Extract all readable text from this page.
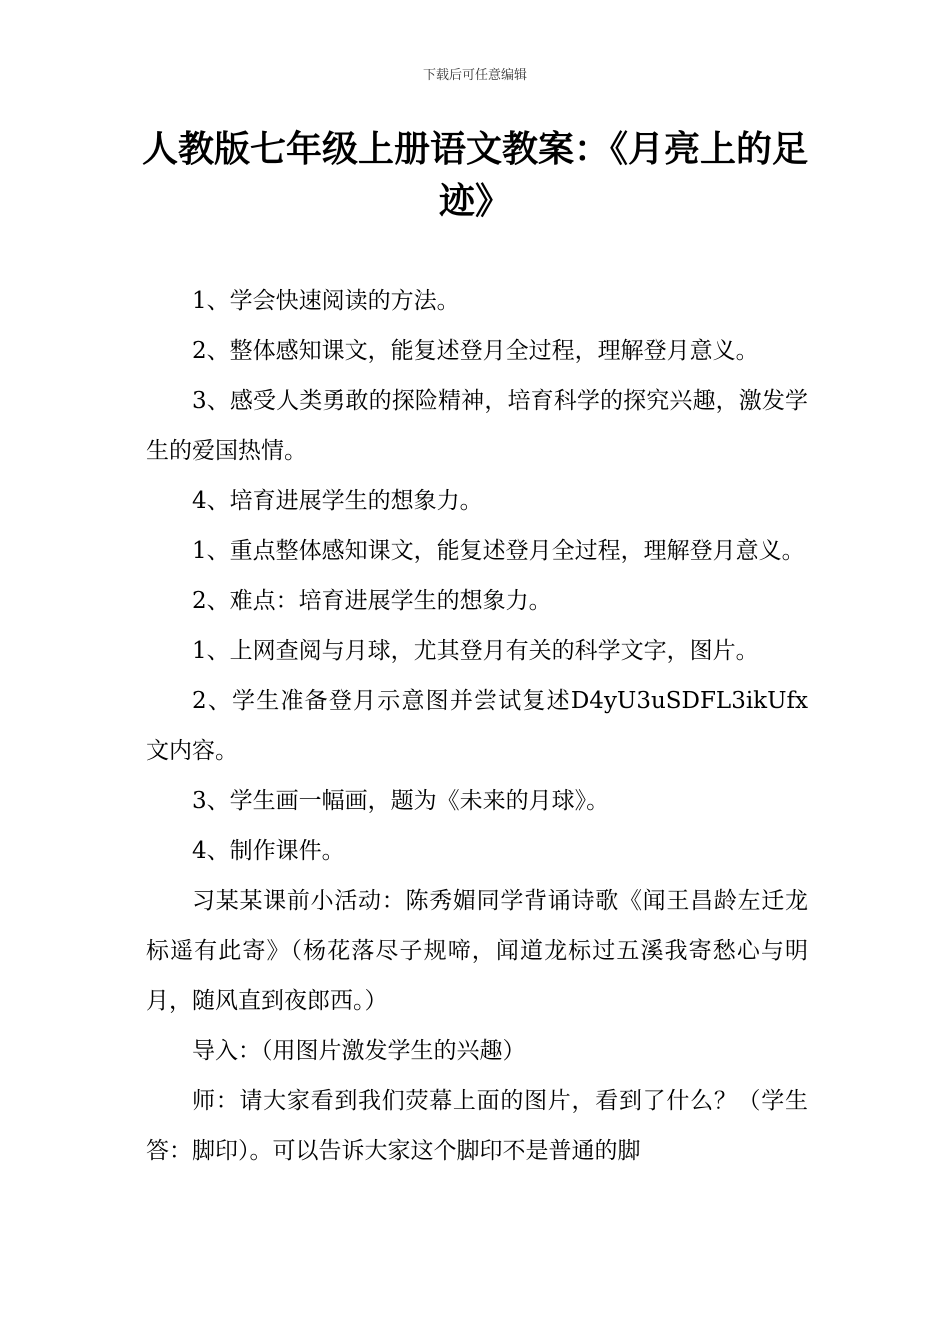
下载后可任意编辑
人教版七年级上册语文教案：《月亮上的足迹》

1、学会快速阅读的方法。

2、整体感知课文，能复述登月全过程，理解登月意义。

3、感受人类勇敢的探险精神，培育科学的探究兴趣，激发学生的爱国热情。

4、培育进展学生的想象力。

1、重点整体感知课文，能复述登月全过程，理解登月意义。

2、难点：培育进展学生的想象力。

1、上网查阅与月球，尤其登月有关的科学文字，图片。

2、学生准备登月示意图并尝试复述D4yU3uSDFL3ikUfx文内容。

3、学生画一幅画，题为《未来的月球》。

4、制作课件。

习某某课前小活动：陈秀媚同学背诵诗歌《闻王昌龄左迁龙标遥有此寄》（杨花落尽子规啼，闻道龙标过五溪我寄愁心与明月，随风直到夜郎西。）

导入：（用图片激发学生的兴趣）

师：请大家看到我们荧幕上面的图片，看到了什么？（学生答：脚印）。可以告诉大家这个脚印不是普通的脚
